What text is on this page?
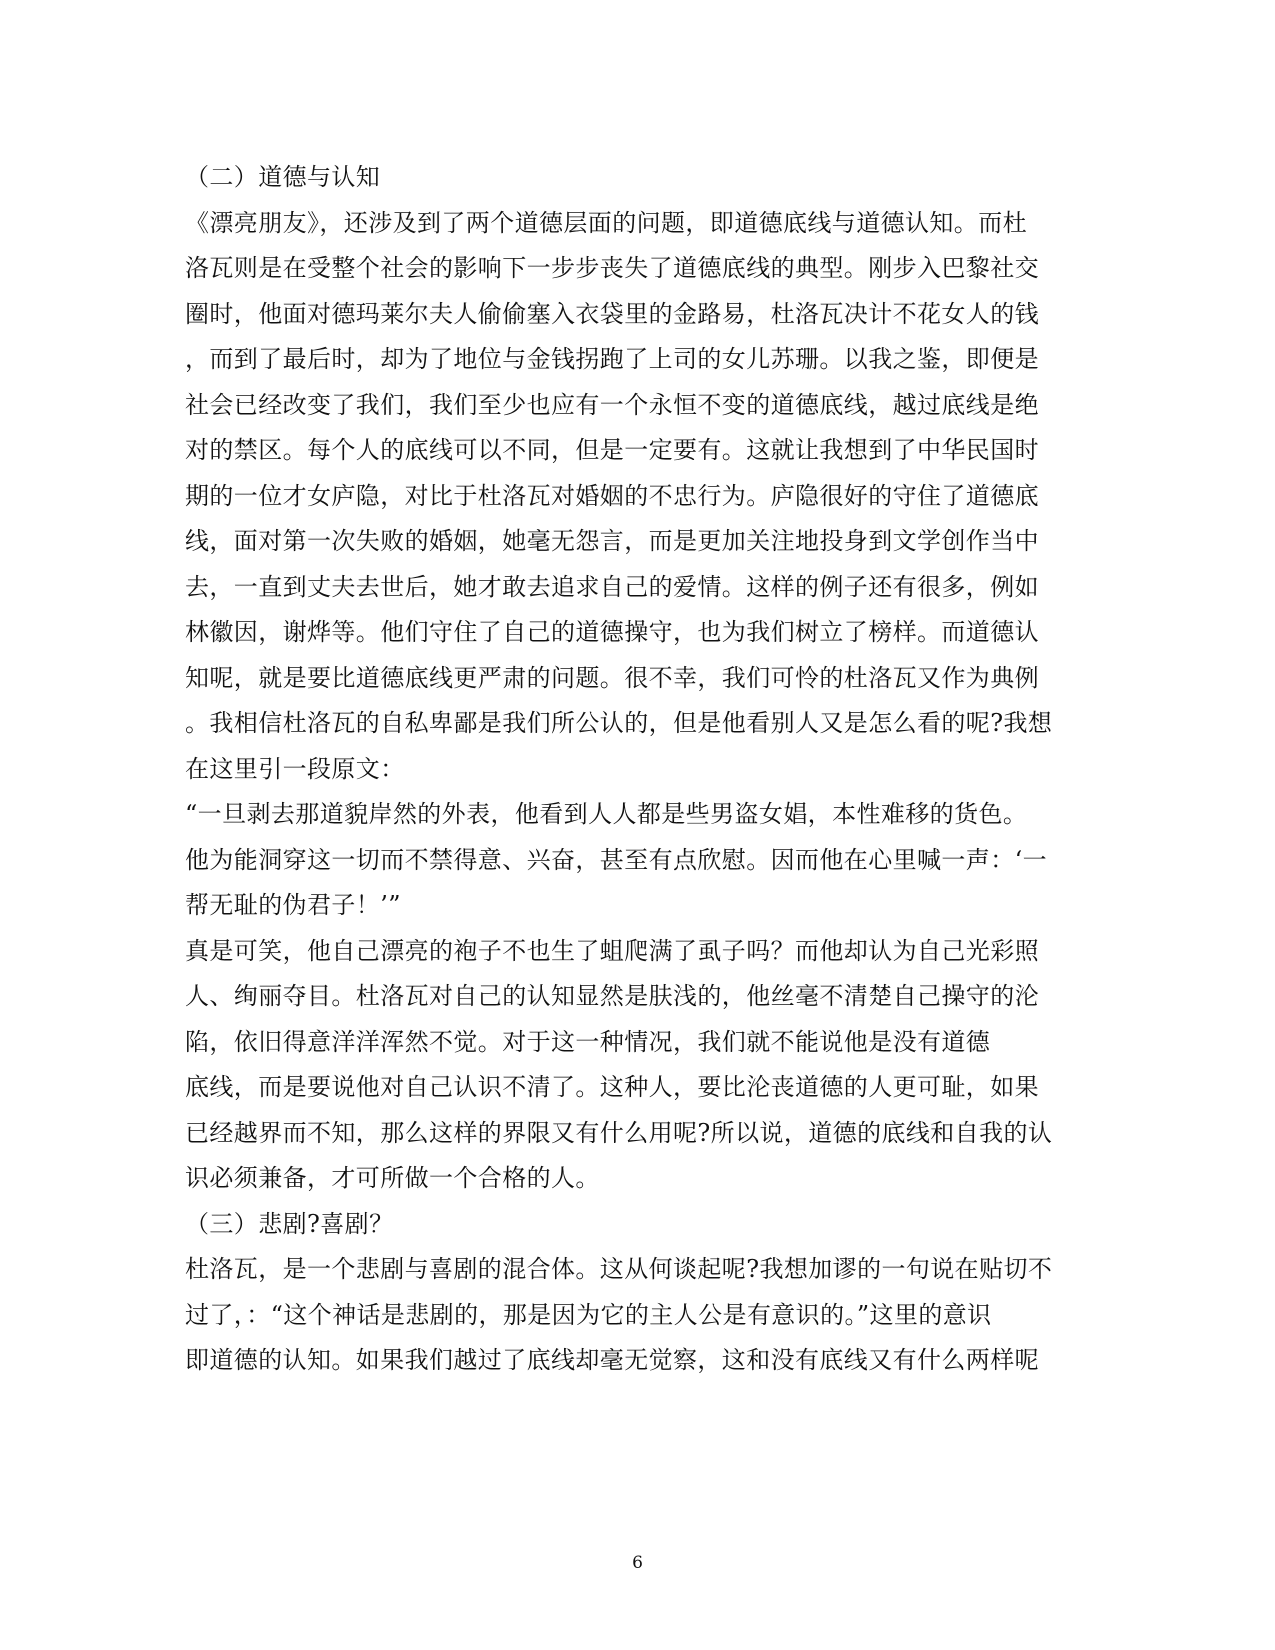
（二）道德与认知
《漂亮朋友》，还涉及到了两个道德层面的问题，即道德底线与道德认知。而杜
洛瓦则是在受整个社会的影响下一步步丧失了道德底线的典型。刚步入巴黎社交
圈时，他面对德玛莱尔夫人偷偷塞入衣袋里的金路易，杜洛瓦决计不花女人的钱
，而到了最后时，却为了地位与金钱拐跑了上司的女儿苏珊。以我之鉴，即便是
社会已经改变了我们，我们至少也应有一个永恒不变的道德底线，越过底线是绝
对的禁区。每个人的底线可以不同，但是一定要有。这就让我想到了中华民国时
期的一位才女庐隐，对比于杜洛瓦对婚姻的不忠行为。庐隐很好的守住了道德底
线，面对第一次失败的婚姻，她毫无怨言，而是更加关注地投身到文学创作当中
去，一直到丈夫去世后，她才敢去追求自己的爱情。这样的例子还有很多，例如
林徽因，谢烨等。他们守住了自己的道德操守，也为我们树立了榜样。而道德认
知呢，就是要比道德底线更严肃的问题。很不幸，我们可怜的杜洛瓦又作为典例
。我相信杜洛瓦的自私卑鄙是我们所公认的，但是他看别人又是怎么看的呢?我想
在这里引一段原文：
“一旦剥去那道貌岸然的外表，他看到人人都是些男盗女娼，本性难移的货色。
他为能洞穿这一切而不禁得意、兴奋，甚至有点欣慰。因而他在心里喊一声：‘一
帮无耻的伪君子！’”
真是可笑，他自己漂亮的袍子不也生了蛆爬满了虱子吗？而他却认为自己光彩照
人、绚丽夺目。杜洛瓦对自己的认知显然是肤浅的，他丝毫不清楚自己操守的沦
陷，依旧得意洋洋浑然不觉。对于这一种情况，我们就不能说他是没有道德
底线，而是要说他对自己认识不清了。这种人，要比沦丧道德的人更可耻，如果
已经越界而不知，那么这样的界限又有什么用呢?所以说，道德的底线和自我的认
识必须兼备，才可所做一个合格的人。
（三）悲剧?喜剧？
杜洛瓦，是一个悲剧与喜剧的混合体。这从何谈起呢?我想加谬的一句说在贴切不
过了，：“这个神话是悲剧的，那是因为它的主人公是有意识的。”这里的意识
即道德的认知。如果我们越过了底线却毫无觉察，这和没有底线又有什么两样呢
6
